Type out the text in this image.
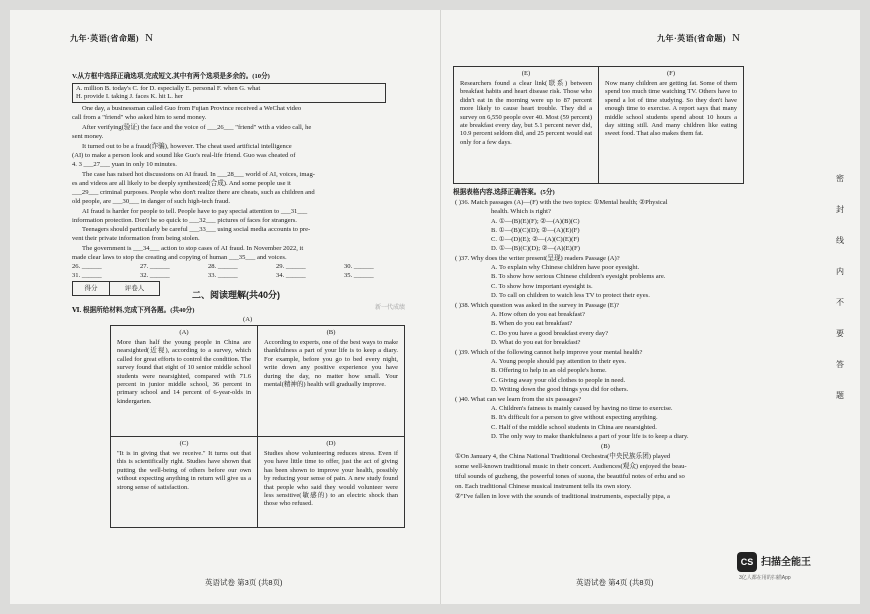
九年·英语(省命题) N
V.从方框中选择正确选项,完成短文,其中有两个选项是多余的。(10分)
A. million B. today's C. for D. especially E. personal F. when G. what
H. provide I. taking J. faces K. hit L. her
One day, a businessman called Guo from Fujian Province received a WeChat video
call from a "friend" who asked him to send money.
After verifying(验证) the face and the voice of ___26___ "friend" with a video call, he
sent money.
It turned out to be a fraud(诈骗), however. The cheat used artificial intelligence
(AI) to make a person look and sound like Guo's real-life friend. Guo was cheated of
4. 3 ___27___ yuan in only 10 minutes.
The case has raised hot discussions on AI fraud. In ___28___ world of AI, voices, imag-
es and videos are all likely to be deeply synthesized(合成). And some people use it
___29___ criminal purposes. People who don't realize there are cheats, such as children and
old people, are ___30___ in danger of such high-tech fraud.
AI fraud is harder for people to tell. People have to pay special attention to ___31___
information protection. Don't be so quick to ___32___ pictures of faces for strangers.
Teenagers should particularly be careful ___33___ using social media accounts to pre-
vent their private information from being stolen.
The government is ___34___ action to stop cases of AI fraud. In November 2022, it
made clear laws to stop the creating and copying of human ___35___ and voices.
26. ______	27. ______	28. ______	29. ______	30. ______
31. ______	32. ______	33. ______	34. ______	35. ______
得分	评卷人
二、阅读理解(共40分)
新一代成绩
Ⅵ. 根据所给材料,完成下列各题。(共40分)
(A)
(A)
More than half the young people in China are nearsighted(近视), according to a survey, which called for great efforts to control the condition. The survey found that eight of 10 senior middle school students were nearsighted, compared with 71.6 percent in junior middle school, 36 percent in primary school and 14 percent of 6-year-olds in kindergarten.
(B)
According to experts, one of the best ways to make thankfulness a part of your life is to keep a diary. For example, before you go to bed every night, write down any positive experience you have during the day, no matter how small. Your mental(精神的) health will gradually improve.
(C)
"It is in giving that we receive." It turns out that this is scientifically right. Studies have shown that putting the well-being of others before our own without expecting anything in return will give us a strong sense of satisfaction.
(D)
Studies show volunteering reduces stress. Even if you have little time to offer, just the act of giving has been shown to improve your health, possibly by reducing your sense of pain. A new study found that people who said they would volunteer were less sensitive(敏感的) to an electric shock than those who refused.
英语试卷 第3页 (共8页)
九年·英语(省命题) N
(E)
Researchers found a clear link(联系) between breakfast habits and heart disease risk. Those who didn't eat in the morning were up to 87 percent more likely to cause heart trouble. They did a survey on 6,550 people over 40. Most (59 percent) ate breakfast every day, but 5.1 percent never did, 10.9 percent seldom did, and 25 percent would eat only for a few days.
(F)
Now many children are getting fat. Some of them spend too much time watching TV. Others have to spend a lot of time studying. So they don't have enough time to exercise. A report says that many middle school students spend about 10 hours a day sitting still. And many children like eating sweet food. That also makes them fat.
根据表格内容,选择正确答案。(5分)
( )36. Match passages (A)—(F) with the two topics: ①Mental health; ②Physical
health. Which is right?
A. ①—(B)(E)(F); ②—(A)(B)(C)
B. ①—(B)(C)(D); ②—(A)(E)(F)
C. ①—(D)(E); ②—(A)(C)(E)(F)
D. ①—(B)(C)(D); ②—(A)(E)(F)
( )37. Why does the writer present(呈现) readers Passage (A)?
A. To explain why Chinese children have poor eyesight.
B. To show how serious Chinese children's eyesight problems are.
C. To show how important eyesight is.
D. To call on children to watch less TV to protect their eyes.
( )38. Which question was asked in the survey in Passage (E)?
A. How often do you eat breakfast?
B. When do you eat breakfast?
C. Do you have a good breakfast every day?
D. What do you eat for breakfast?
( )39. Which of the following cannot help improve your mental health?
A. Young people should pay attention to their eyes.
B. Offering to help in an old people's home.
C. Giving away your old clothes to people in need.
D. Writing down the good things you did for others.
( )40. What can we learn from the six passages?
A. Children's fatness is mainly caused by having no time to exercise.
B. It's difficult for a person to give without expecting anything.
C. Half of the middle school students in China are nearsighted.
D. The only way to make thankfulness a part of your life is to keep a diary.
(B)
①On January 4, the China National Traditional Orchestra(中央民族乐团) played
some well-known traditional music in their concert. Audiences(观众) enjoyed the beau-
tiful sounds of guzheng, the powerful tones of suona, the beautiful notes of erhu and so
on. Each traditional Chinese musical instrument tells its own story.
②"I've fallen in love with the sounds of traditional instruments, especially pipa, a
密
封
线
内
不
要
答
题
英语试卷 第4页 (共8页)
CS 扫描全能王
3亿人都在用的扫描App
